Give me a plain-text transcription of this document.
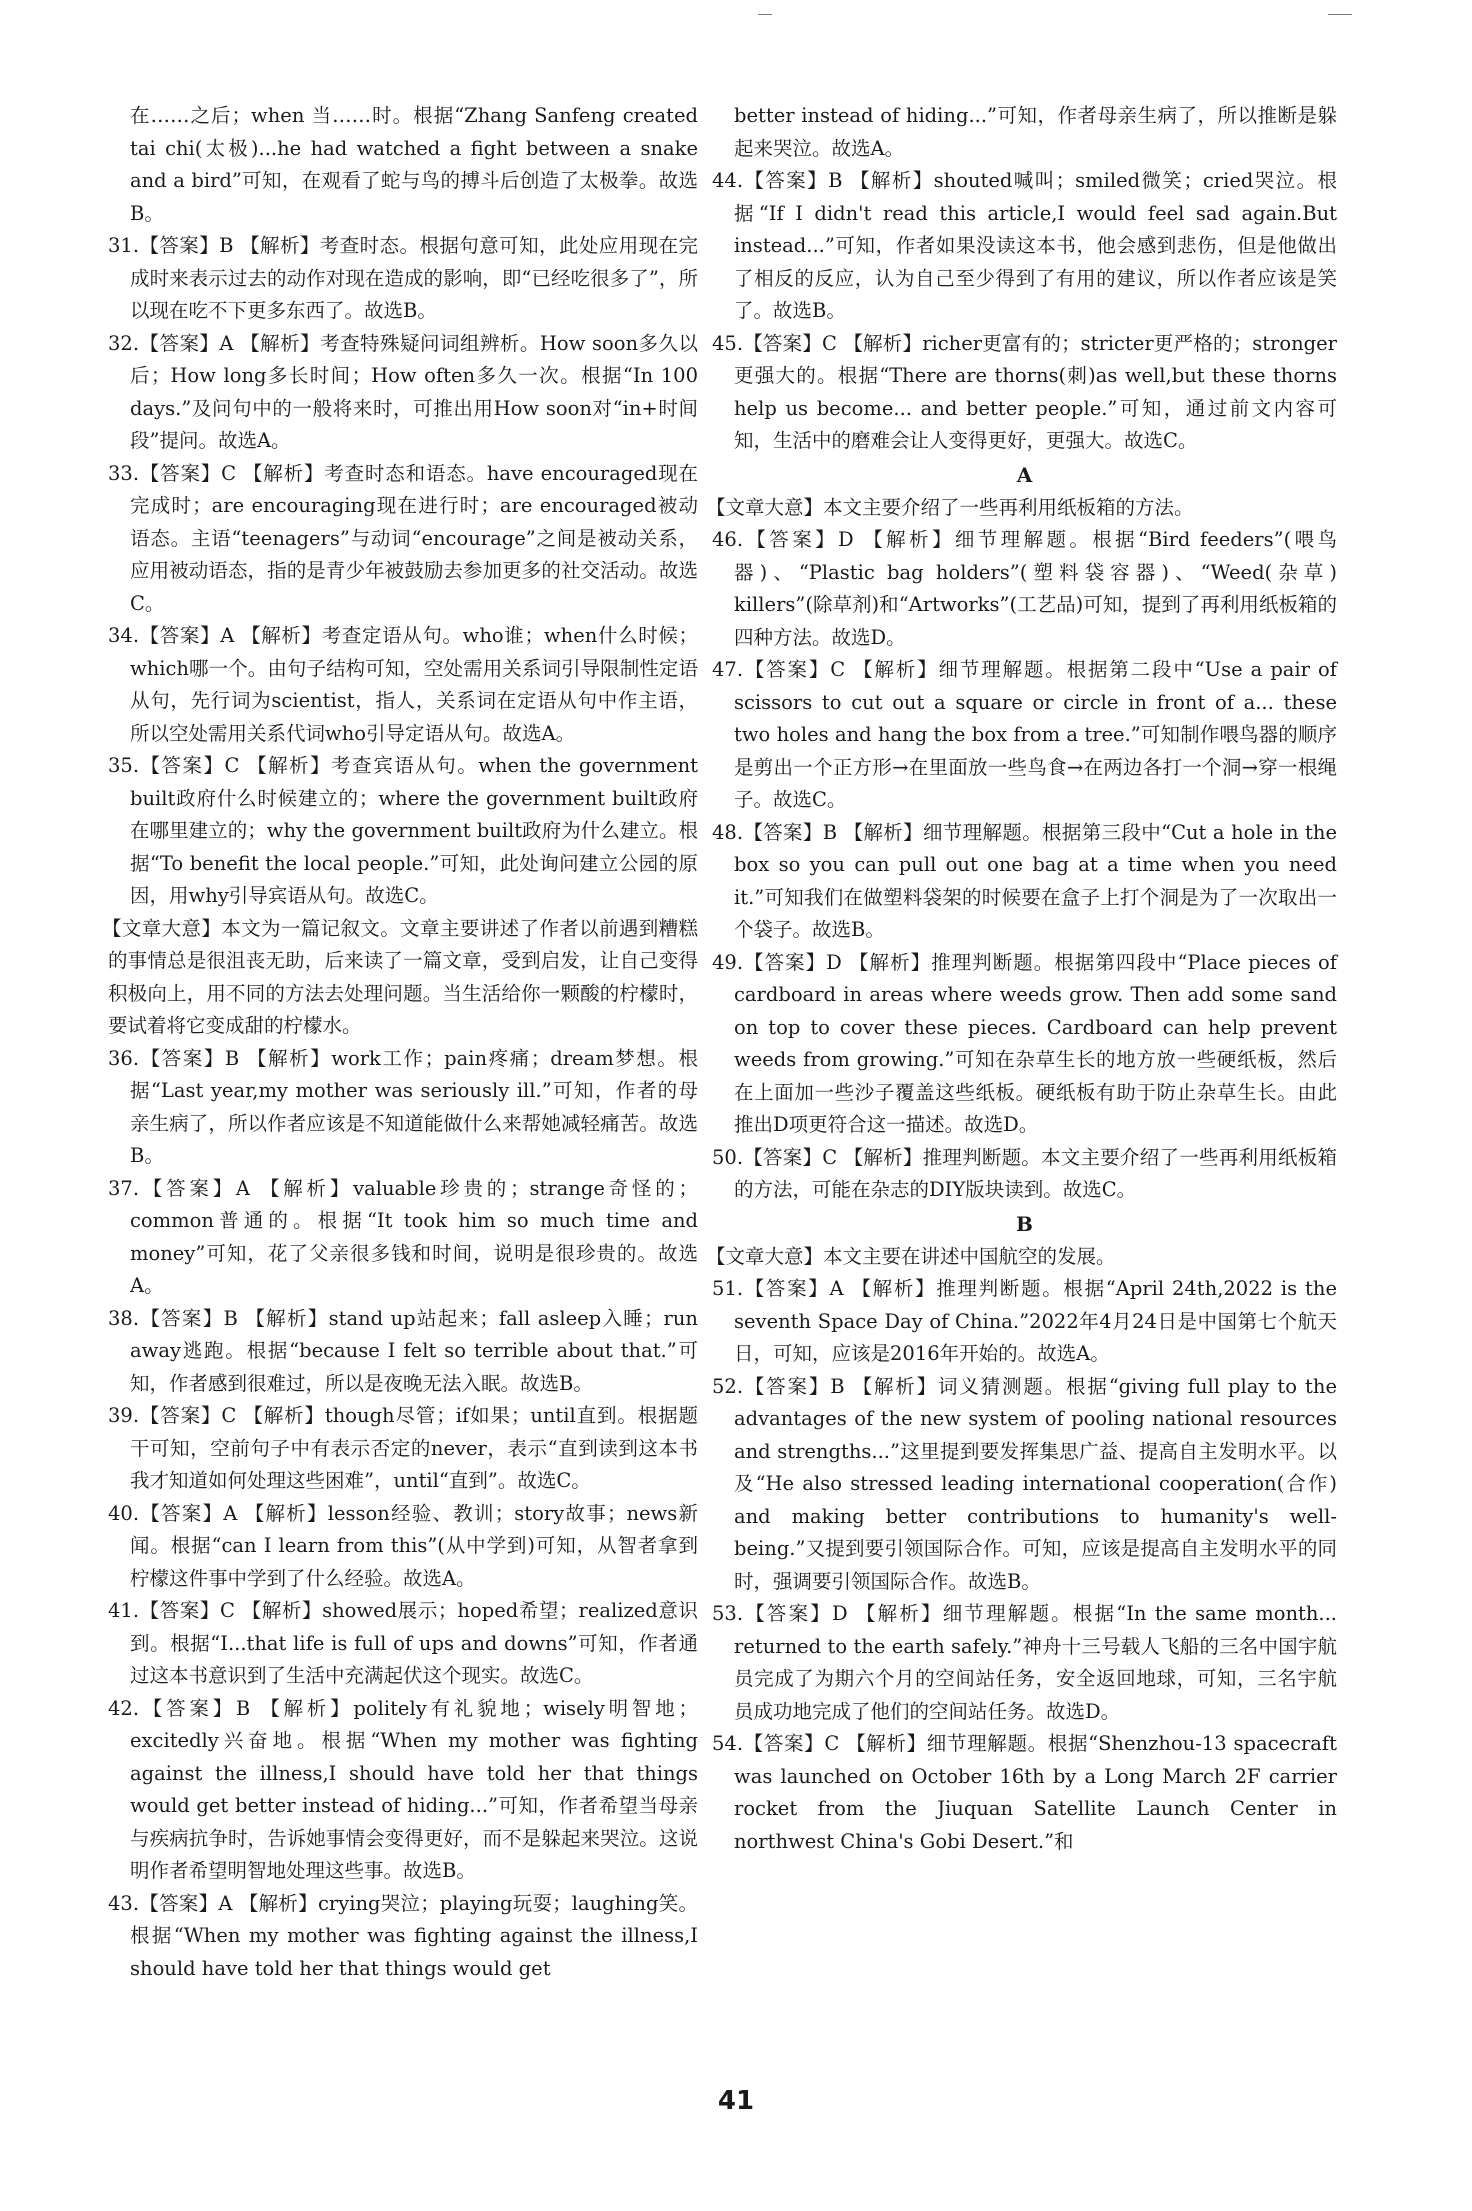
在……之后；when 当……时。根据“Zhang Sanfeng created tai chi(太极)...he had watched a fight between a snake and a bird”可知，在观看了蛇与鸟的搏斗后创造了太极拳。故选B。

31.【答案】B 【解析】考查时态。根据句意可知，此处应用现在完成时来表示过去的动作对现在造成的影响，即“已经吃很多了”，所以现在吃不下更多东西了。故选B。

32.【答案】A 【解析】考查特殊疑问词组辨析。How soon多久以后；How long多长时间；How often多久一次。根据“In 100 days.”及问句中的一般将来时，可推出用How soon对“in+时间段”提问。故选A。

33.【答案】C 【解析】考查时态和语态。have encouraged现在完成时；are encouraging现在进行时；are encouraged被动语态。主语“teenagers”与动词“encourage”之间是被动关系，应用被动语态，指的是青少年被鼓励去参加更多的社交活动。故选C。

34.【答案】A 【解析】考查定语从句。who谁；when什么时候；which哪一个。由句子结构可知，空处需用关系词引导限制性定语从句，先行词为scientist，指人，关系词在定语从句中作主语，所以空处需用关系代词who引导定语从句。故选A。

35.【答案】C 【解析】考查宾语从句。when the government built政府什么时候建立的；where the government built政府在哪里建立的；why the government built政府为什么建立。根据“To benefit the local people.”可知，此处询问建立公园的原因，用why引导宾语从句。故选C。

【文章大意】本文为一篇记叙文。文章主要讲述了作者以前遇到糟糕的事情总是很沮丧无助，后来读了一篇文章，受到启发，让自己变得积极向上，用不同的方法去处理问题。当生活给你一颗酸的柠檬时，要试着将它变成甜的柠檬水。

36.【答案】B 【解析】work工作；pain疼痛；dream梦想。根据“Last year,my mother was seriously ill.”可知，作者的母亲生病了，所以作者应该是不知道能做什么来帮她减轻痛苦。故选B。

37.【答案】A 【解析】valuable珍贵的；strange奇怪的；common普通的。根据“It took him so much time and money”可知，花了父亲很多钱和时间，说明是很珍贵的。故选A。

38.【答案】B 【解析】stand up站起来；fall asleep入睡；run away逃跑。根据“because I felt so terrible about that.”可知，作者感到很难过，所以是夜晚无法入眠。故选B。

39.【答案】C 【解析】though尽管；if如果；until直到。根据题干可知，空前句子中有表示否定的never，表示“直到读到这本书我才知道如何处理这些困难”，until“直到”。故选C。

40.【答案】A 【解析】lesson经验、教训；story故事；news新闻。根据“can I learn from this”(从中学到)可知，从智者拿到柠檬这件事中学到了什么经验。故选A。

41.【答案】C 【解析】showed展示；hoped希望；realized意识到。根据“I...that life is full of ups and downs”可知，作者通过这本书意识到了生活中充满起伏这个现实。故选C。

42.【答案】B 【解析】politely有礼貌地；wisely明智地；excitedly兴奋地。根据“When my mother was fighting against the illness,I should have told her that things would get better instead of hiding...”可知，作者希望当母亲与疾病抗争时，告诉她事情会变得更好，而不是躲起来哭泣。这说明作者希望明智地处理这些事。故选B。

43.【答案】A 【解析】crying哭泣；playing玩耍；laughing笑。根据“When my mother was fighting against the illness,I should have told her that things would get

better instead of hiding...”可知，作者母亲生病了，所以推断是躲起来哭泣。故选A。

44.【答案】B 【解析】shouted喊叫；smiled微笑；cried哭泣。根据“If I didn't read this article,I would feel sad again.But instead...”可知，作者如果没读这本书，他会感到悲伤，但是他做出了相反的反应，认为自己至少得到了有用的建议，所以作者应该是笑了。故选B。

45.【答案】C 【解析】richer更富有的；stricter更严格的；stronger更强大的。根据“There are thorns(刺)as well,but these thorns help us become... and better people.”可知，通过前文内容可知，生活中的磨难会让人变得更好，更强大。故选C。

A

【文章大意】本文主要介绍了一些再利用纸板箱的方法。

46.【答案】D 【解析】细节理解题。根据“Bird feeders”(喂鸟器)、“Plastic bag holders”(塑料袋容器)、“Weed(杂草) killers”(除草剂)和“Artworks”(工艺品)可知，提到了再利用纸板箱的四种方法。故选D。

47.【答案】C 【解析】细节理解题。根据第二段中“Use a pair of scissors to cut out a square or circle in front of a... these two holes and hang the box from a tree.”可知制作喂鸟器的顺序是剪出一个正方形→在里面放一些鸟食→在两边各打一个洞→穿一根绳子。故选C。

48.【答案】B 【解析】细节理解题。根据第三段中“Cut a hole in the box so you can pull out one bag at a time when you need it.”可知我们在做塑料袋架的时候要在盒子上打个洞是为了一次取出一个袋子。故选B。

49.【答案】D 【解析】推理判断题。根据第四段中“Place pieces of cardboard in areas where weeds grow. Then add some sand on top to cover these pieces. Cardboard can help prevent weeds from growing.”可知在杂草生长的地方放一些硬纸板，然后在上面加一些沙子覆盖这些纸板。硬纸板有助于防止杂草生长。由此推出D项更符合这一描述。故选D。

50.【答案】C 【解析】推理判断题。本文主要介绍了一些再利用纸板箱的方法，可能在杂志的DIY版块读到。故选C。

B

【文章大意】本文主要在讲述中国航空的发展。

51.【答案】A 【解析】推理判断题。根据“April 24th,2022 is the seventh Space Day of China.”2022年4月24日是中国第七个航天日，可知，应该是2016年开始的。故选A。

52.【答案】B 【解析】词义猜测题。根据“giving full play to the advantages of the new system of pooling national resources and strengths...”这里提到要发挥集思广益、提高自主发明水平。以及“He also stressed leading international cooperation(合作) and making better contributions to humanity's well-being.”又提到要引领国际合作。可知，应该是提高自主发明水平的同时，强调要引领国际合作。故选B。

53.【答案】D 【解析】细节理解题。根据“In the same month... returned to the earth safely.”神舟十三号载人飞船的三名中国宇航员完成了为期六个月的空间站任务，安全返回地球，可知，三名宇航员成功地完成了他们的空间站任务。故选D。

54.【答案】C 【解析】细节理解题。根据“Shenzhou-13 spacecraft was launched on October 16th by a Long March 2F carrier rocket from the Jiuquan Satellite Launch Center in northwest China's Gobi Desert.”和

41
